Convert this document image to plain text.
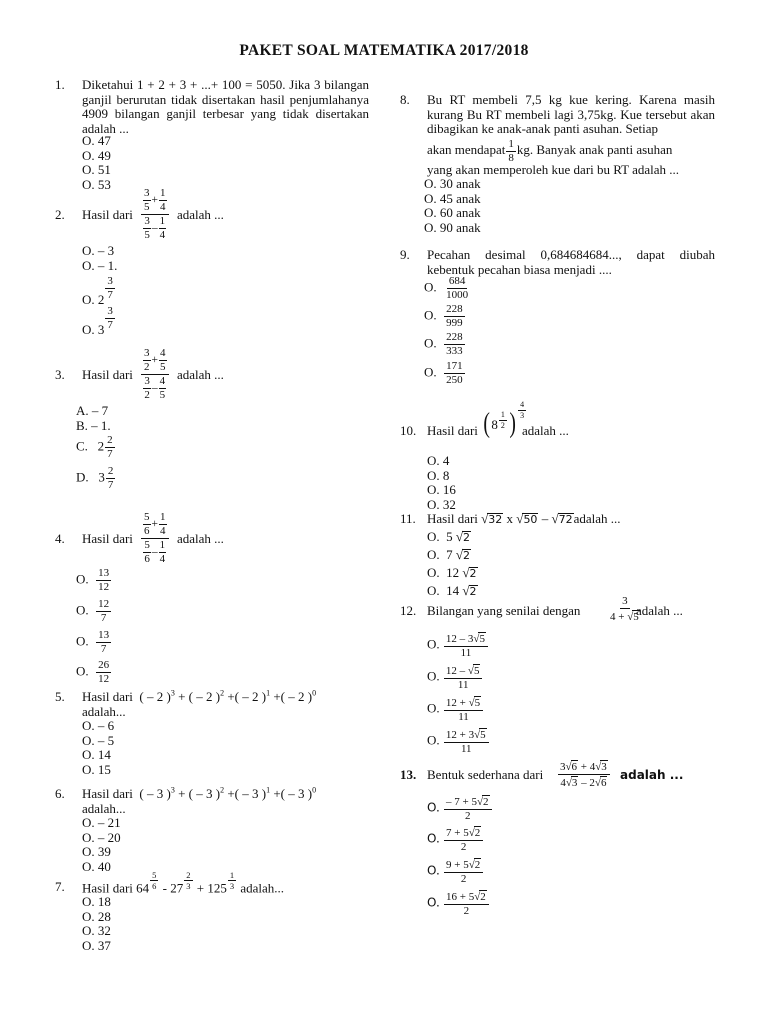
PAKET SOAL MATEMATIKA 2017/2018
1. Diketahui 1 + 2 + 3 + ...+ 100 = 5050. Jika 3 bilangan ganjil berurutan tidak disertakan hasil penjumlahanya 4909 bilangan ganjil terbesar yang tidak disertakan adalah ...
O. 47
O. 49
O. 51
O. 53
2. Hasil dari
$\frac{3}{5} + \frac{1}{4}$
$\frac{3}{5} - \frac{1}{4}$
adalah ...
O. – 3
O. – 1.
O. $2 \frac{3}{7}$
O. $3 \frac{3}{7}$
3. Hasil dari
$\frac{3}{2} + \frac{4}{5}$
$\frac{3}{2} - \frac{4}{5}$
adalah ...
A. – 7
B. – 1.
C.   $2 \frac{2}{7}$
D.   $3 \frac{2}{7}$
4. Hasil dari
$\frac{5}{6} + \frac{1}{4}$
$\frac{5}{6} - \frac{1}{4}$
adalah ...
O. $\frac{13}{12}$
O. $\frac{12}{7}$
O. $\frac{13}{7}$
O. $\frac{26}{12}$
5. Hasil dari  ( – 2 )$^3$ + ( – 2 )$^2$ +( – 2 )$^1$ +( – 2 )$^0$
adalah...
O. – 6
O. – 5
O. 14
O. 15
6. Hasil dari  ( – 3 )$^3$ + ( – 3 )$^2$ +( – 3 )$^1$ +( – 3 )$^0$
adalah...
O. – 21
O. – 20
O. 39
O. 40
7. Hasil dari $64 \frac{5}{6} - 27 \frac{2}{3} + 125 \frac{1}{3}$ adalah...
O. 18
O. 28
O. 32
O. 37
8. Bu RT membeli 7,5 kg kue kering. Karena masih kurang Bu RT membeli lagi 3,75kg. Kue tersebut akan dibagikan ke anak-anak panti asuhan. Setiap
akan mendapat $\frac{1}{8}$ kg. Banyak anak panti asuhan
yang akan memperoleh kue dari bu RT adalah ...
O. 30 anak
O. 45 anak
O. 60 anak
O. 90 anak
9. Pecahan desimal 0,684684684..., dapat diubah kebentuk pecahan biasa menjadi ....
O. $\frac{684}{1000}$
O. $\frac{228}{999}$
O. $\frac{228}{333}$
O. $\frac{171}{250}$
10. Hasil dari ($8 \frac{1}{2}$ ) $\frac{4}{3}$
adalah ...
O. 4
O. 8
O. 16
O. 32
11. Hasil dari √32 x √50 – √72adalah ...
O. 5 √2
O. 7 √2
O. 12 √2
O. 14 √2
12. Bilangan yang senilai dengan	$\frac{3}{4 + √5}$
adalah ...
O. $\frac{12 - 3√5}{11}$
O. $\frac{12 - √5}{11}$
O. $\frac{12 + √5}{11}$
O. $\frac{12 + 3√5}{11}$
13. Bentuk sederhana dari $\frac{3√6 + 4√3}{4√3 - 2√6}$ adalah ...
O. $\frac{- 7 + 5√2}{2}$
O. $\frac{7 + 5√2}{2}$
O. $\frac{9 + 5√2}{2}$
O. $\frac{16 + 5√2}{2}$
